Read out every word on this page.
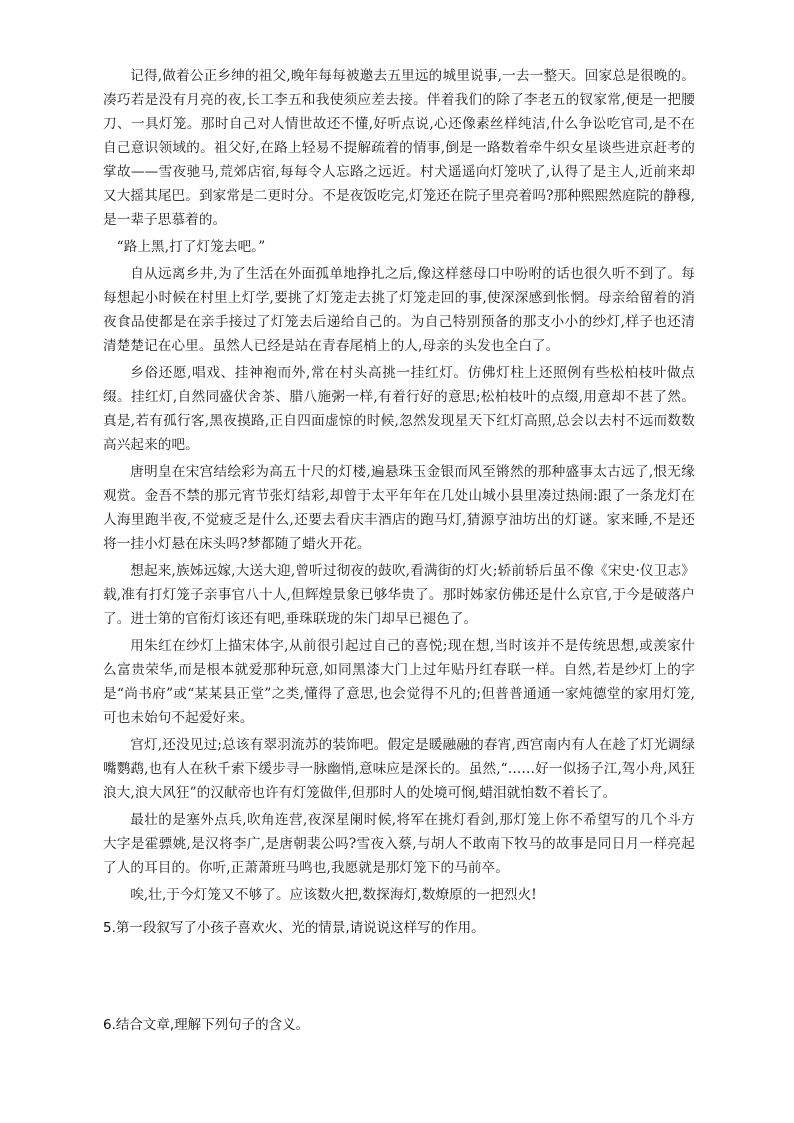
记得,做着公正乡绅的祖父,晚年每每被邀去五里远的城里说事,一去一整天。回家总是很晚的。凑巧若是没有月亮的夜,长工李五和我使须应差去接。伴着我们的除了李老五的钗家常,便是一把腰刀、一具灯笼。那时自己对人情世故还不懂,好听点说,心还像素丝样纯洁,什么争讼吃官司,是不在自己意识领域的。祖父好,在路上轻易不提解疏着的情事,倒是一路数着牵牛织女星谈些进京赶考的掌故——雪夜驰马,荒郊店宿,每每令人忘路之远近。村犬遥遥向灯笼吠了,认得了是主人,近前来却又大摇其尾巴。到家常是二更时分。不是夜饭吃完,灯笼还在院子里亮着吗?那种熙熙然庭院的静穆,是一辈子思慕着的。

“路上黑,打了灯笼去吧。”

自从远离乡井,为了生活在外面孤单地挣扎之后,像这样慈母口中吩咐的话也很久听不到了。每每想起小时候在村里上灯学,要挑了灯笼走去挑了灯笼走回的事,使深深感到怅惘。母亲给留着的消夜食品使都是在亲手接过了灯笼去后递给自己的。为自己特别预备的那支小小的纱灯,样子也还清清楚楚记在心里。虽然人已经是站在青春尾梢上的人,母亲的头发也全白了。

乡俗还愿,唱戏、挂神袍而外,常在村头高挑一挂红灯。仿佛灯柱上还照例有些松柏枝叶做点缀。挂红灯,自然同盛伏舍茶、腊八施粥一样,有着行好的意思;松柏枝叶的点缀,用意却不甚了然。真是,若有孤行客,黑夜摸路,正自四面虚惊的时候,忽然发现星天下红灯高照,总会以去村不远而数数高兴起来的吧。

唐明皇在宋宫结绘彩为高五十尺的灯楼,遍悬珠玉金银而风至锵然的那种盛事太古远了,恨无缘观赏。金吾不禁的那元宵节张灯结彩,却曾于太平年年在几处山城小县里凑过热闹:跟了一条龙灯在人海里跑半夜,不觉疲乏是什么,还要去看庆丰酒店的跑马灯,猜源亨油坊出的灯谜。家来睡,不是还将一挂小灯悬在床头吗?梦都随了蜡火开花。

想起来,族姊远嫁,大送大迎,曾听过彻夜的鼓吹,看满街的灯火;轿前轿后虽不像《宋史·仪卫志》载,准有打灯笼子亲事官八十人,但辉煌景象已够华贵了。那时姊家仿佛还是什么京官,于今是破落户了。进士第的官衔灯该还有吧,垂珠联珑的朱门却早已褪色了。

用朱红在纱灯上描宋体字,从前很引起过自己的喜悦;现在想,当时该并不是传统思想,或羡家什么富贵荣华,而是根本就爱那种玩意,如同黑漆大门上过年贴丹红春联一样。自然,若是纱灯上的字是“尚书府”或“某某县正堂”之类,懂得了意思,也会觉得不凡的;但普普通通一家炖德堂的家用灯笼,可也未始句不起爱好来。

宫灯,还没见过;总该有翠羽流苏的装饰吧。假定是暖融融的春宵,西宫南内有人在趁了灯光调绿嘴鹦鹉,也有人在秋千索下缓步寻一脉幽悄,意味应是深长的。虽然,“……好一似扬子江,驾小舟,风狂浪大,浪大风狂”的汉献帝也许有灯笼做伴,但那时人的处境可悯,蜡泪就怕数不着长了。

最壮的是塞外点兵,吹角连营,夜深星阑时候,将军在挑灯看剑,那灯笼上你不希望写的几个斗方大字是霍骠姚,是汉将李广,是唐朝裴公吗?雪夜入蔡,与胡人不敢南下牧马的故事是同日月一样亮起了人的耳目的。你听,正萧萧班马鸣也,我愿就是那灯笼下的马前卒。

唉,壮,于今灯笼又不够了。应该数火把,数探海灯,数燎原的一把烈火!

5.第一段叙写了小孩子喜欢火、光的情景,请说说这样写的作用。
6.结合文章,理解下列句子的含义。
